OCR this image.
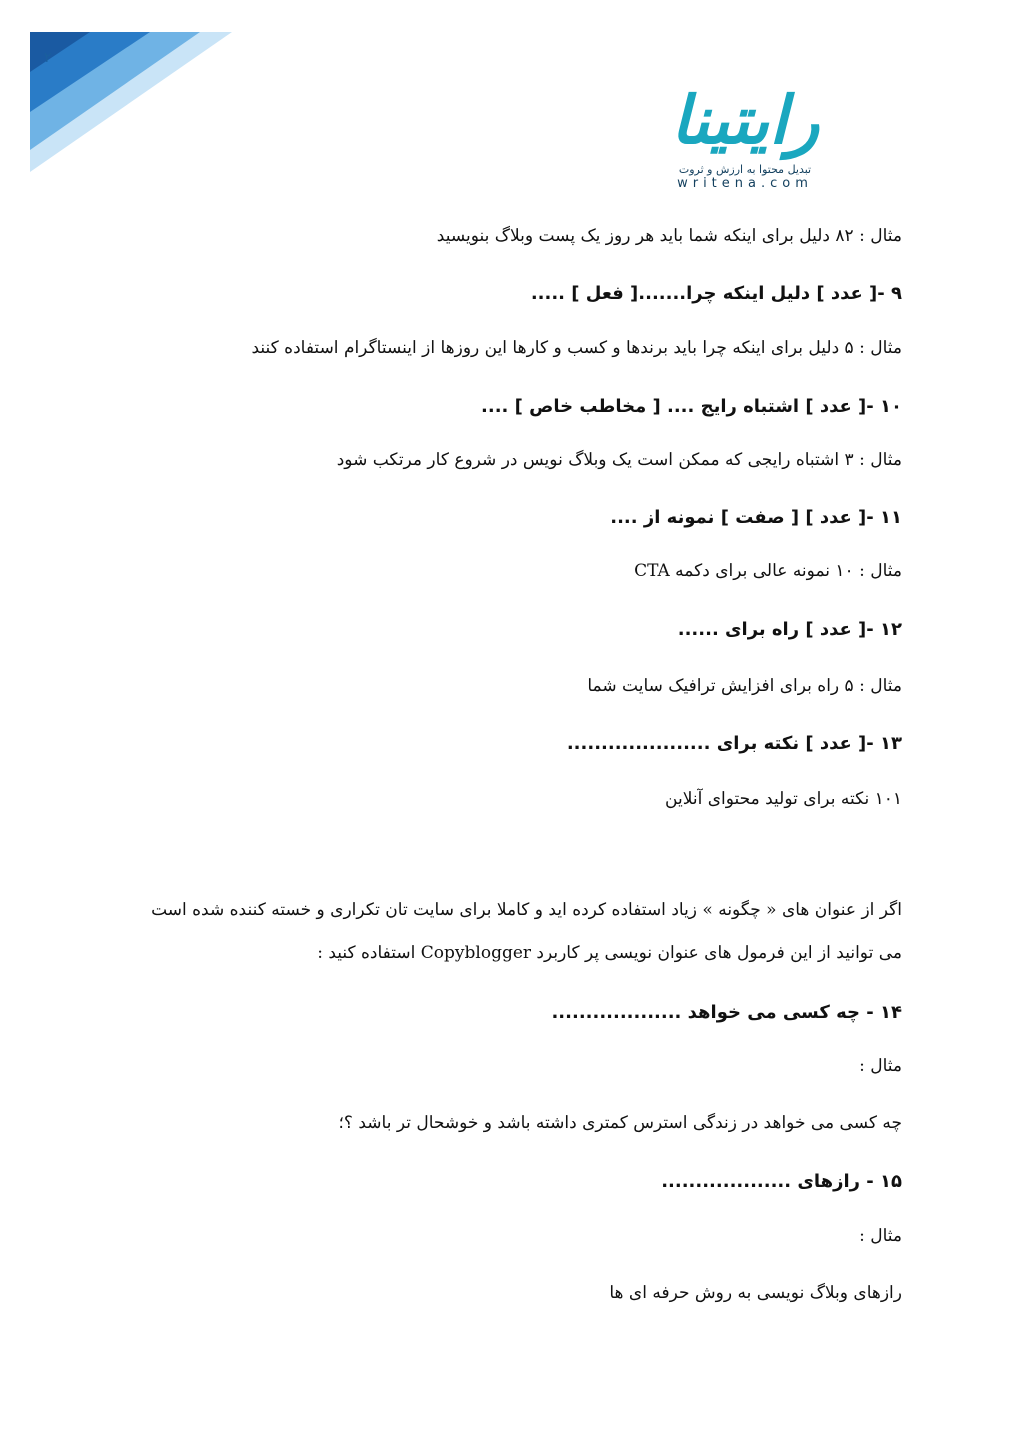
۲
رایتینا
تبدیل محتوا به ارزش و ثروت
writena.com
مثال : ۸۲ دلیل برای اینکه شما باید هر روز یک پست وبلاگ بنویسید
۹ -[ عدد ] دلیل اینکه چرا.......[ فعل ] .....
مثال : ۵ دلیل برای اینکه چرا باید برندها و کسب و کارها این روزها از اینستاگرام استفاده کنند
۱۰ -[ عدد ] اشتباه رایج .... [ مخاطب خاص ] ....
مثال : ۳ اشتباه رایجی که ممکن است یک وبلاگ نویس در شروع کار مرتکب شود
۱۱ -[ عدد ] [ صفت ] نمونه از ....
مثال : ۱۰ نمونه عالی برای دکمه CTA
۱۲ -[ عدد ] راه برای ......
مثال : ۵ راه برای افزایش ترافیک سایت شما
۱۳ -[ عدد ] نکته برای .....................
۱۰۱ نکته برای تولید محتوای آنلاین
اگر از عنوان های « چگونه » زیاد استفاده کرده اید و کاملا برای سایت تان تکراری و خسته کننده شده است
می توانید از این فرمول های عنوان نویسی پر کاربرد Copyblogger استفاده کنید :
۱۴ - چه کسی می خواهد ...................
مثال :
چه کسی می خواهد در زندگی استرس کمتری داشته باشد و خوشحال تر باشد ؟؛
۱۵ - رازهای ...................
مثال :
رازهای وبلاگ نویسی به روش حرفه ای ها
